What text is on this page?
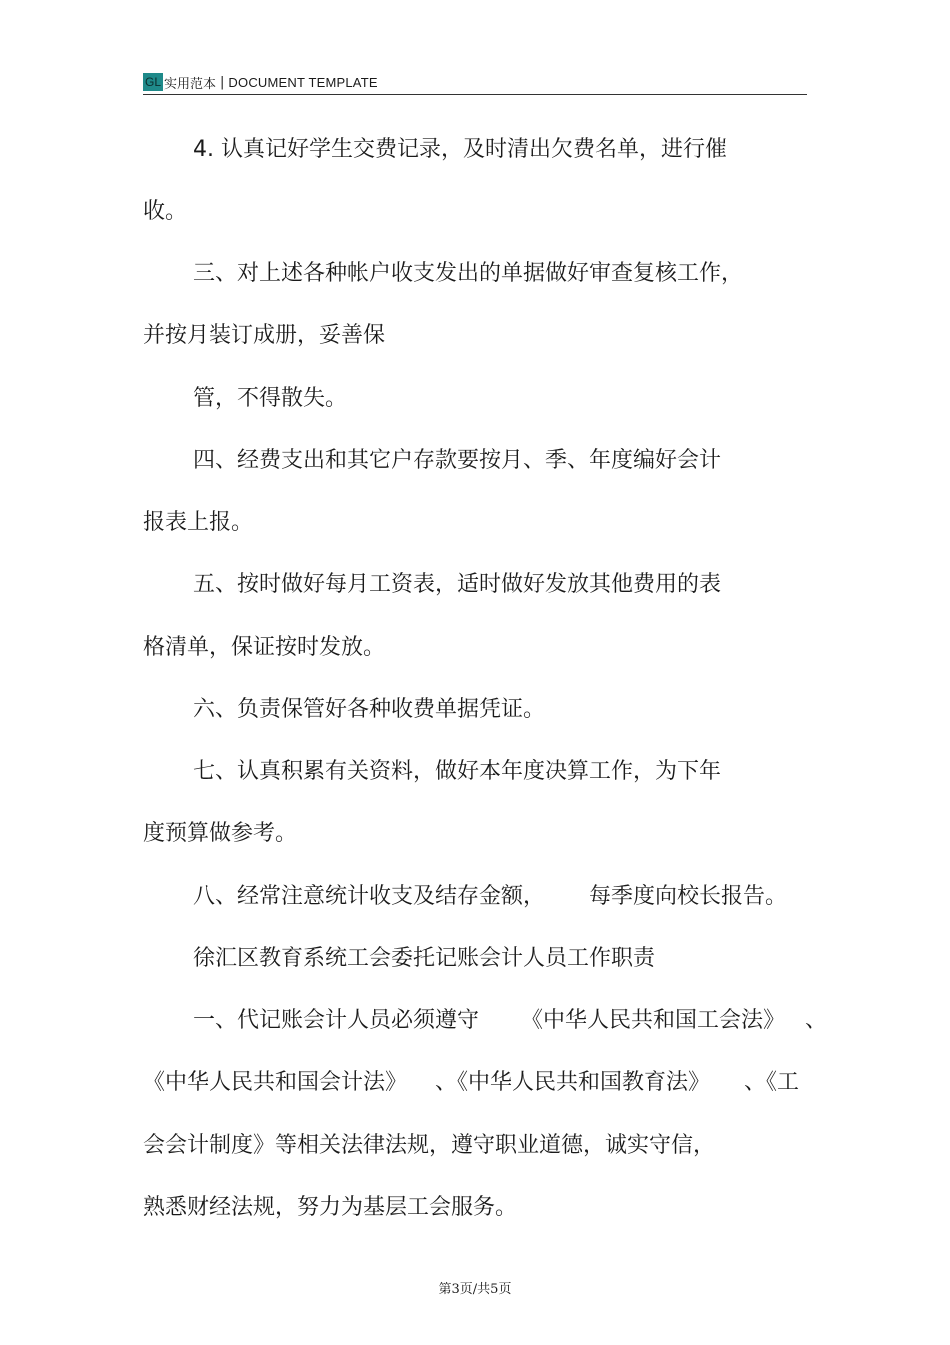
GL 实用范本 | DOCUMENT TEMPLATE
4. 认真记好学生交费记录，及时清出欠费名单，进行催
收。
三、对上述各种帐户收支发出的单据做好审查复核工作，
并按月装订成册，妥善保
管，不得散失。
四、经费支出和其它户存款要按月、季、年度编好会计
报表上报。
五、按时做好每月工资表，适时做好发放其他费用的表
格清单，保证按时发放。
六、负责保管好各种收费单据凭证。
七、认真积累有关资料，做好本年度决算工作，为下年
度预算做参考。
八、经常注意统计收支及结存金额， 每季度向校长报告。
徐汇区教育系统工会委托记账会计人员工作职责
一、代记账会计人员必须遵守 《中华人民共和国工会法》 、
《中华人民共和国会计法》 、《中华人民共和国教育法》 、《工
会会计制度》等相关法律法规，遵守职业道德，诚实守信，
熟悉财经法规，努力为基层工会服务。
第3页/共5页
